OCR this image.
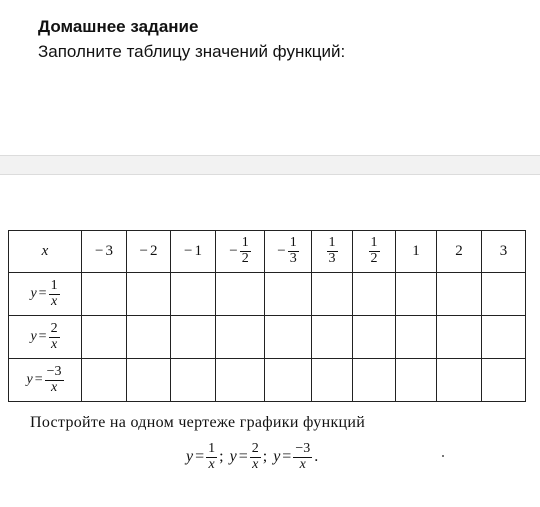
Домашнее задание
Заполните таблицу значений функций:
x	− 3	− 2	− 1	− $\frac{1}{2}$	− $\frac{1}{3}$	$\frac{1}{3}$	$\frac{1}{2}$	1	2	3
$y = \frac{1}{x}$

$y = \frac{2}{x}$

$y = \frac{-3}{x}$

Постройте на одном чертеже графики функций
$y = \frac{1}{x}$ ; $y = \frac{2}{x}$ ; $y = \frac{-3}{x}$ .
